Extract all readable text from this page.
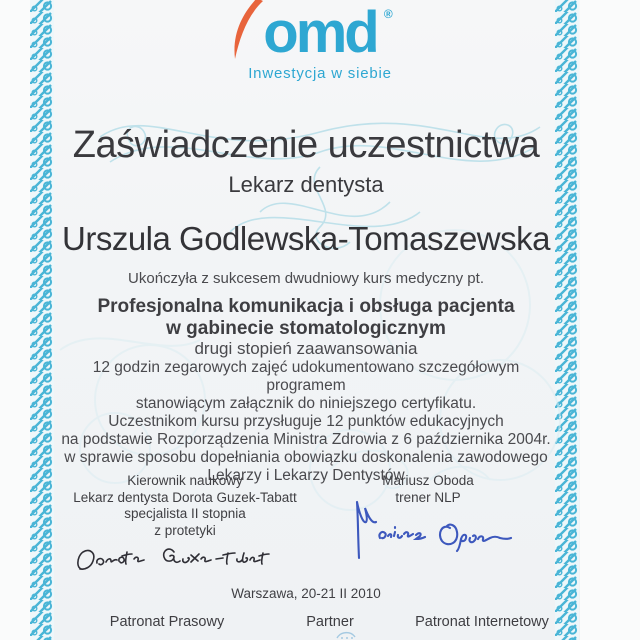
omd ®
Inwestycja w siebie
Zaświadczenie uczestnictwa
Lekarz dentysta
Urszula Godlewska-Tomaszewska
Ukończyła z sukcesem dwudniowy kurs medyczny pt.
Profesjonalna komunikacja i obsługa pacjenta
w gabinecie stomatologicznym
drugi stopień zaawansowania
12 godzin zegarowych zajęć udokumentowano szczegółowym programem
stanowiącym załącznik do niniejszego certyfikatu.
Uczestnikom kursu przysługuje 12 punktów edukacyjnych
na podstawie Rozporządzenia Ministra Zdrowia z 6 października 2004r.
w sprawie sposobu dopełniania obowiązku doskonalenia zawodowego
Lekarzy i Lekarzy Dentystów
Kierownik naukowy
Lekarz dentysta Dorota Guzek-Tabatt
specjalista II stopnia
z protetyki
Mariusz Oboda
trener NLP
Warszawa, 20-21 II 2010
Patronat Prasowy	Partner	Patronat Internetowy
